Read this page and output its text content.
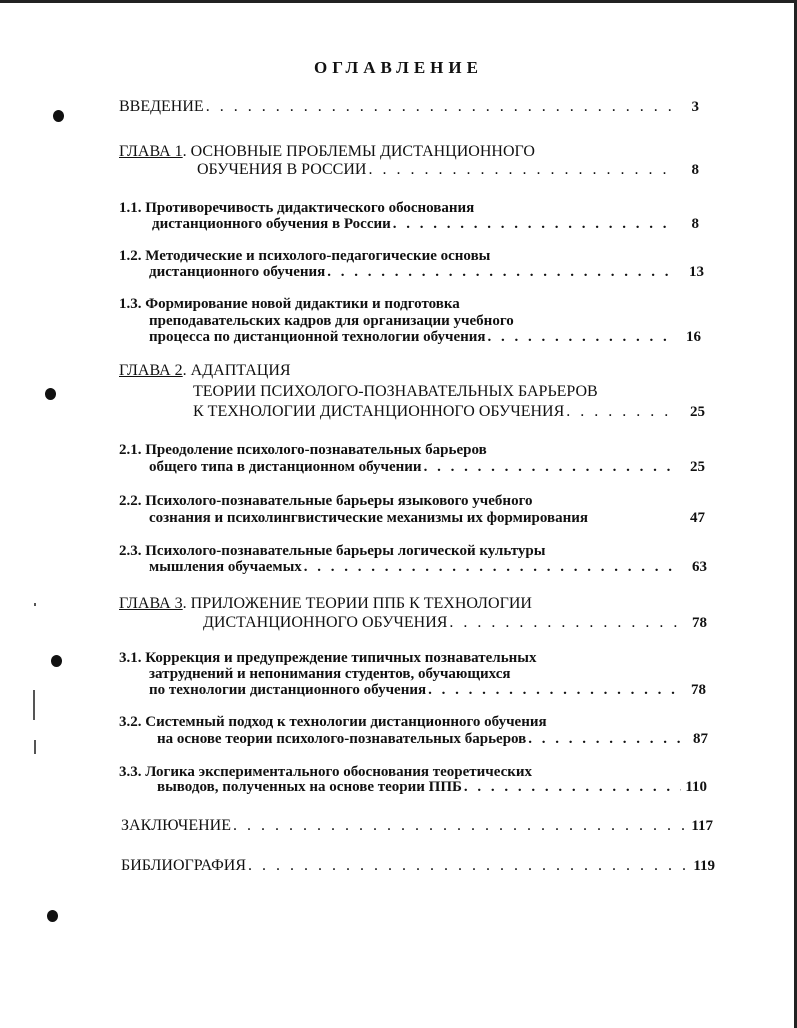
ОГЛАВЛЕНИЕ
ВВЕДЕНИЕ . . .	3
ГЛАВА 1 . ОСНОВНЫЕ ПРОБЛЕМЫ ДИСТАНЦИОННОГО
ОБУЧЕНИЯ В РОССИИ . . .	8
1.1.
Противоречивость дидактического обоснования
дистанционного обучения в России . . .	8
1.2.
Методические и психолого-педагогические основы
дистанционного обучения . . .	13
1.3.
Формирование новой дидактики и подготовка
преподавательских кадров для организации учебного
процесса по дистанционной технологии обучения . . .	16
ГЛАВА 2 . АДАПТАЦИЯ
ТЕОРИИ ПСИХОЛОГО-ПОЗНАВАТЕЛЬНЫХ БАРЬЕРОВ
К ТЕХНОЛОГИИ ДИСТАНЦИОННОГО ОБУЧЕНИЯ . . .	25
2.1.
Преодоление психолого-познавательных барьеров
общего типа в дистанционном обучении . . .	25
2.2.
Психолого-познавательные барьеры языкового учебного
сознания и психолингвистические механизмы их формирования	47
2.3.
Психолого-познавательные барьеры логической культуры
мышления обучаемых . . .	63
ГЛАВА 3 . ПРИЛОЖЕНИЕ ТЕОРИИ ППБ К ТЕХНОЛОГИИ
ДИСТАНЦИОННОГО ОБУЧЕНИЯ . . .	78
3.1.
Коррекция и предупреждение типичных познавательных
затруднений и непонимания студентов, обучающихся
по технологии дистанционного обучения . . .	78
3.2.
Системный подход к технологии дистанционного обучения
на основе теории психолого-познавательных барьеров . . .	87
3.3.
Логика экспериментального обоснования теоретических
выводов, полученных на основе теории ППБ . . .	110
ЗАКЛЮЧЕНИЕ . . .	117
БИБЛИОГРАФИЯ . . .	119
